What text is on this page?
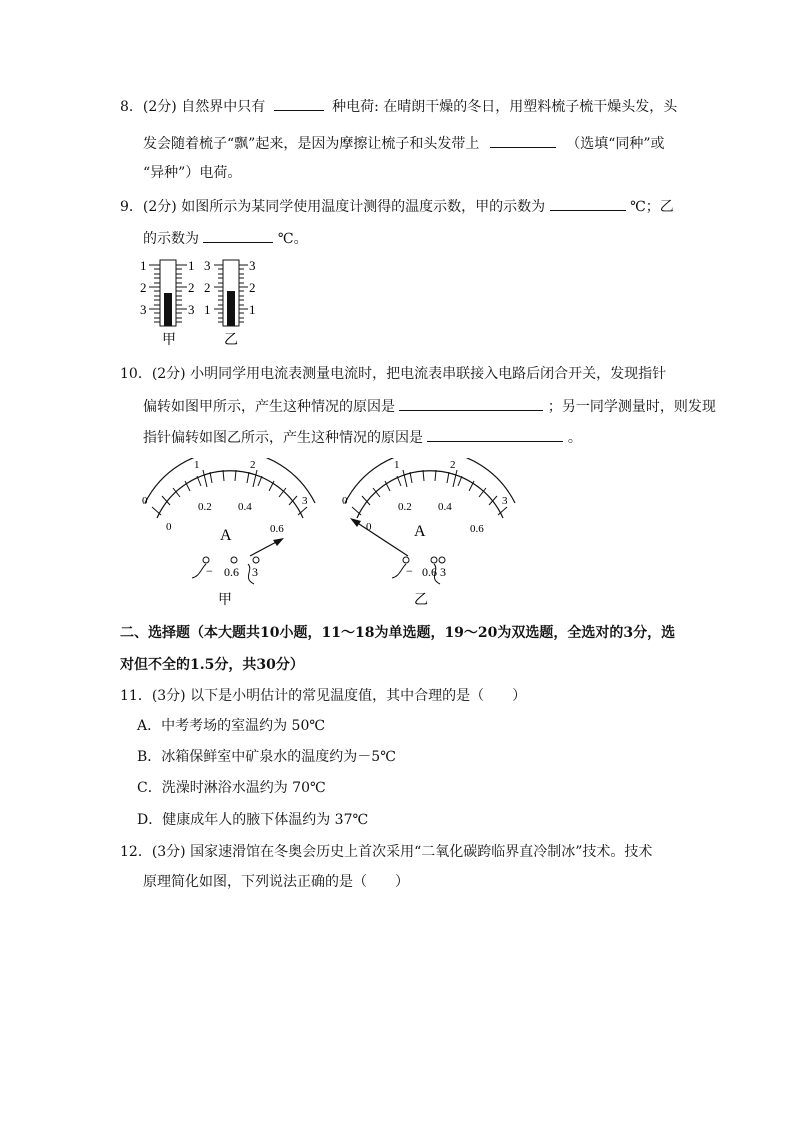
8．(2分) 自然界中只有	种电荷: 在晴朗干燥的冬日，用塑料梳子梳干燥头发，头
发会随着梳子“飘”起来，是因为摩擦让梳子和头发带上	（选填“同种”或
“异种”）电荷。
9．(2分) 如图所示为某同学使用温度计测得的温度示数，甲的示数为	℃；乙
的示数为	℃。
1
2
3
1
2
3
甲
3
2
1
3
2
1
乙
10．(2分) 小明同学用电流表测量电流时，把电流表串联接入电路后闭合开关，发现指针
偏转如图甲所示，产生这种情况的原因是	；另一同学测量时，则发现
指针偏转如图乙所示，产生这种情况的原因是	。
0
1	2
3
0
0.2 0.4
0.6
A
− 0.6 3
甲
0
1	2
3
0
0.2 0.4
0.6
A
− 0.6 3
乙
二、选择题（本大题共10小题，11～18为单选题，19～20为双选题，全选对的3分，选
对但不全的1.5分，共30分）
11．(3分) 以下是小明估计的常见温度值，其中合理的是（　　）
A．中考考场的室温约为 50℃
B．冰箱保鲜室中矿泉水的温度约为－5℃
C．洗澡时淋浴水温约为 70℃
D．健康成年人的腋下体温约为 37℃
12．(3分) 国家速滑馆在冬奥会历史上首次采用“二氧化碳跨临界直冷制冰”技术。技术
原理简化如图，下列说法正确的是（　　）
